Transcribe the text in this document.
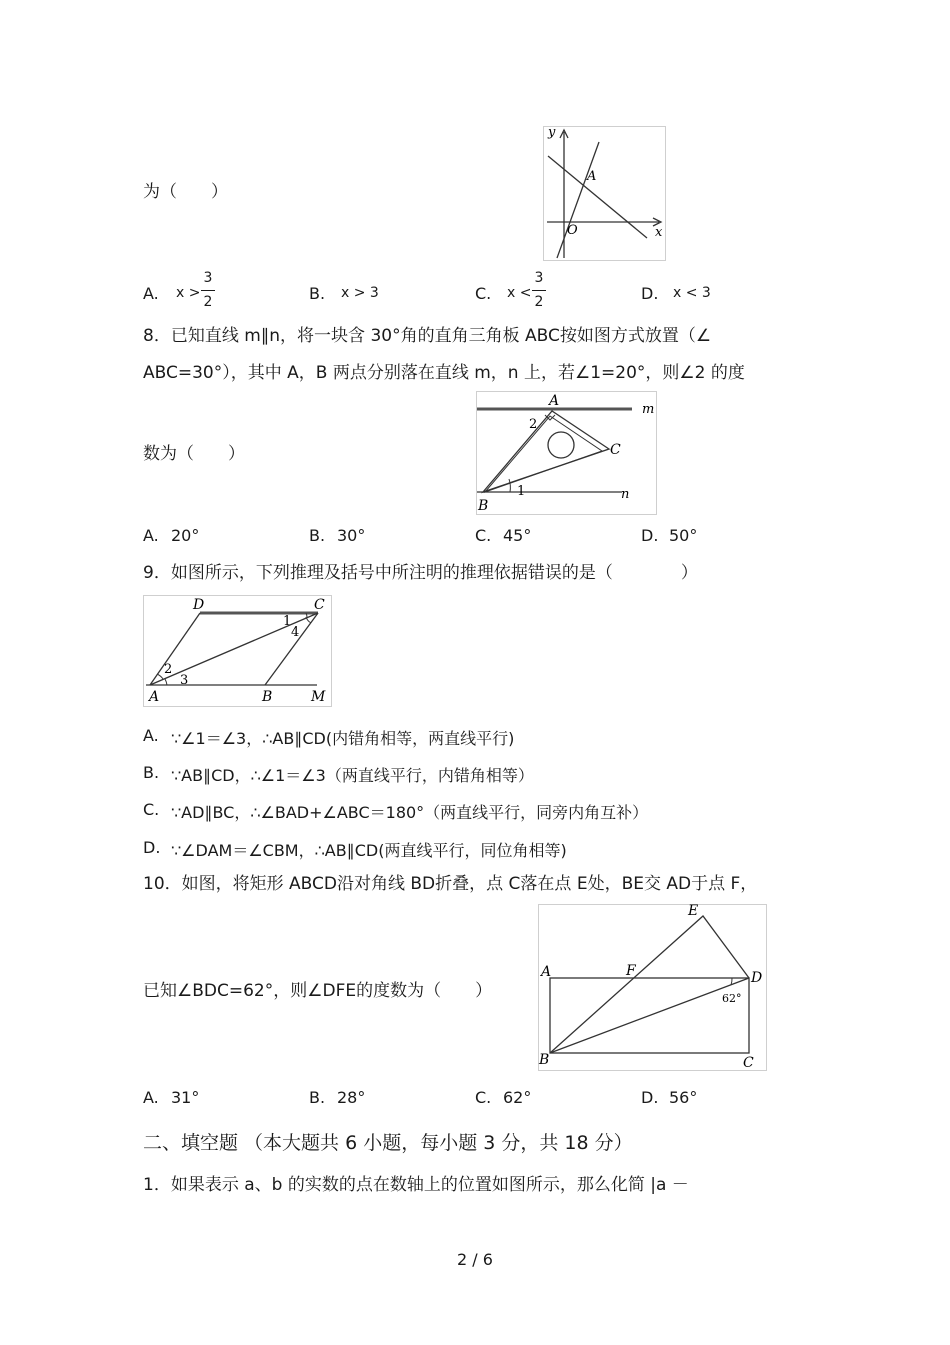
为（　　）
y
x
O
A
A. x >
3
2	B. x > 3	C. x <
3
2	D. x < 3
8．已知直线 m∥n，将一块含 30°角的直角三角板 ABC按如图方式放置（∠
ABC=30°），其中 A，B 两点分别落在直线 m，n 上，若∠1=20°，则∠2 的度
数为（　　）
A
B
C
m
n
1
2
A. 20°	B. 30°	C. 45°	D. 50°
9．如图所示，下列推理及括号中所注明的推理依据错误的是（　　　　）
A	B
C
D
M
1
2
3
4
A. ∵∠1＝∠3，∴AB∥CD(内错角相等，两直线平行)
B. ∵AB∥CD，∴∠1＝∠3（两直线平行，内错角相等）
C. ∵AD∥BC，∴∠BAD+∠ABC＝180°（两直线平行，同旁内角互补）
D. ∵∠DAM＝∠CBM，∴AB∥CD(两直线平行，同位角相等)
10．如图，将矩形 ABCD沿对角线 BD折叠，点 C落在点 E处，BE交 AD于点 F，
已知∠BDC=62°，则∠DFE的度数为（　　）
A
B	C
D
E
F
62°
A. 31°	B. 28°	C. 62°	D. 56°
二、填空题 （本大题共 6 小题，每小题 3 分，共 18 分）
1．如果表示 a、b 的实数的点在数轴上的位置如图所示，那么化简 |a －
2 / 6
